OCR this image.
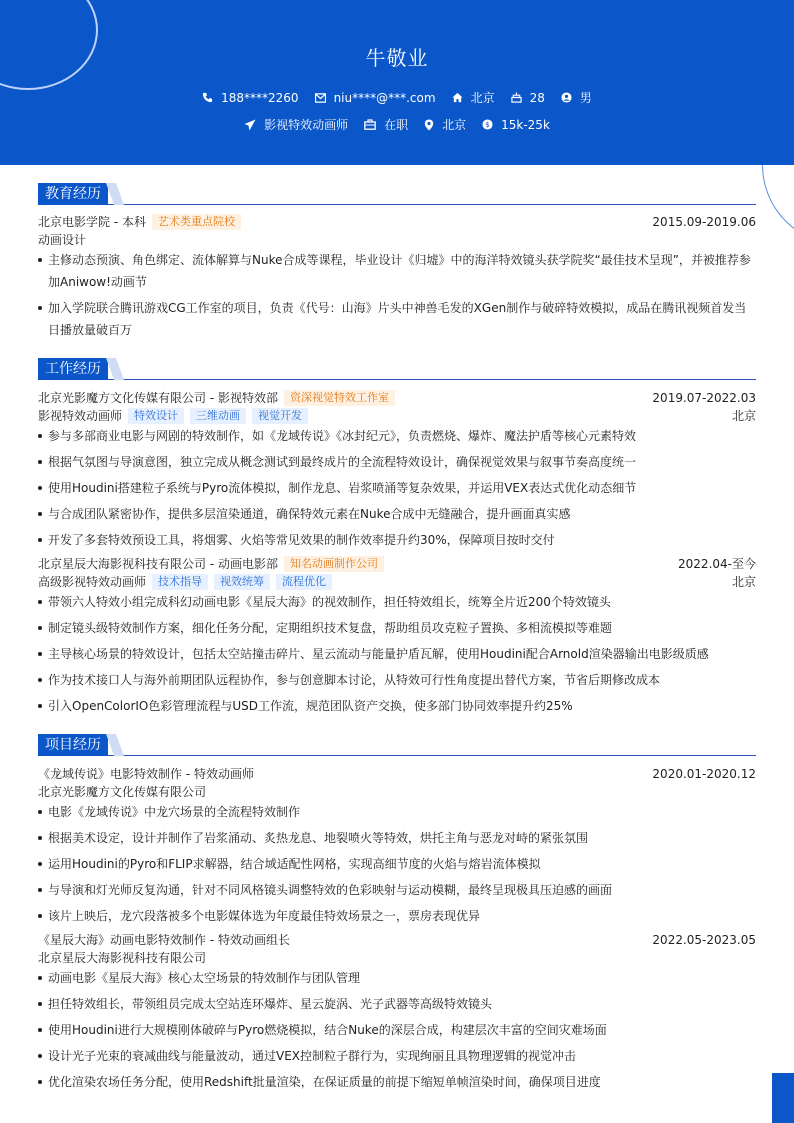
牛敬业
188****2260	niu****@***.com	北京	28	男
影视特效动画师	在职	北京 $ 15k-25k
教育经历
北京电影学院 - 本科 艺术类重点院校	2015.09-2019.06
动画设计
主修动态预演、角色绑定、流体解算与Nuke合成等课程，毕业设计《归墟》中的海洋特效镜头获学院奖“最佳技术呈现”，并被推荐参加Aniwow!动画节
加入学院联合腾讯游戏CG工作室的项目，负责《代号：山海》片头中神兽毛发的XGen制作与破碎特效模拟，成品在腾讯视频首发当日播放量破百万
工作经历
北京光影魔方文化传媒有限公司 - 影视特效部 资深视觉特效工作室	2019.07-2022.03
影视特效动画师 特效设计 三维动画 视觉开发	北京
参与多部商业电影与网剧的特效制作，如《龙域传说》《冰封纪元》，负责燃烧、爆炸、魔法护盾等核心元素特效
根据气氛图与导演意图，独立完成从概念测试到最终成片的全流程特效设计，确保视觉效果与叙事节奏高度统一
使用Houdini搭建粒子系统与Pyro流体模拟，制作龙息、岩浆喷涌等复杂效果，并运用VEX表达式优化动态细节
与合成团队紧密协作，提供多层渲染通道，确保特效元素在Nuke合成中无缝融合，提升画面真实感
开发了多套特效预设工具，将烟雾、火焰等常见效果的制作效率提升约30%，保障项目按时交付
北京星辰大海影视科技有限公司 - 动画电影部 知名动画制作公司	2022.04-至今
高级影视特效动画师 技术指导 视效统筹 流程优化	北京
带领六人特效小组完成科幻动画电影《星辰大海》的视效制作，担任特效组长，统筹全片近200个特效镜头
制定镜头级特效制作方案，细化任务分配，定期组织技术复盘，帮助组员攻克粒子置换、多相流模拟等难题
主导核心场景的特效设计，包括太空站撞击碎片、星云流动与能量护盾瓦解，使用Houdini配合Arnold渲染器输出电影级质感
作为技术接口人与海外前期团队远程协作，参与创意脚本讨论，从特效可行性角度提出替代方案，节省后期修改成本
引入OpenColorIO色彩管理流程与USD工作流，规范团队资产交换，使多部门协同效率提升约25%
项目经历
《龙域传说》电影特效制作 - 特效动画师	2020.01-2020.12
北京光影魔方文化传媒有限公司
电影《龙域传说》中龙穴场景的全流程特效制作
根据美术设定，设计并制作了岩浆涌动、炙热龙息、地裂喷火等特效，烘托主角与恶龙对峙的紧张氛围
运用Houdini的Pyro和FLIP求解器，结合域适配性网格，实现高细节度的火焰与熔岩流体模拟
与导演和灯光师反复沟通，针对不同风格镜头调整特效的色彩映射与运动模糊，最终呈现极具压迫感的画面
该片上映后，龙穴段落被多个电影媒体选为年度最佳特效场景之一，票房表现优异
《星辰大海》动画电影特效制作 - 特效动画组长	2022.05-2023.05
北京星辰大海影视科技有限公司
动画电影《星辰大海》核心太空场景的特效制作与团队管理
担任特效组长，带领组员完成太空站连环爆炸、星云旋涡、光子武器等高级特效镜头
使用Houdini进行大规模刚体破碎与Pyro燃烧模拟，结合Nuke的深层合成，构建层次丰富的空间灾难场面
设计光子光束的衰减曲线与能量波动，通过VEX控制粒子群行为，实现绚丽且具物理逻辑的视觉冲击
优化渲染农场任务分配，使用Redshift批量渲染，在保证质量的前提下缩短单帧渲染时间，确保项目进度
